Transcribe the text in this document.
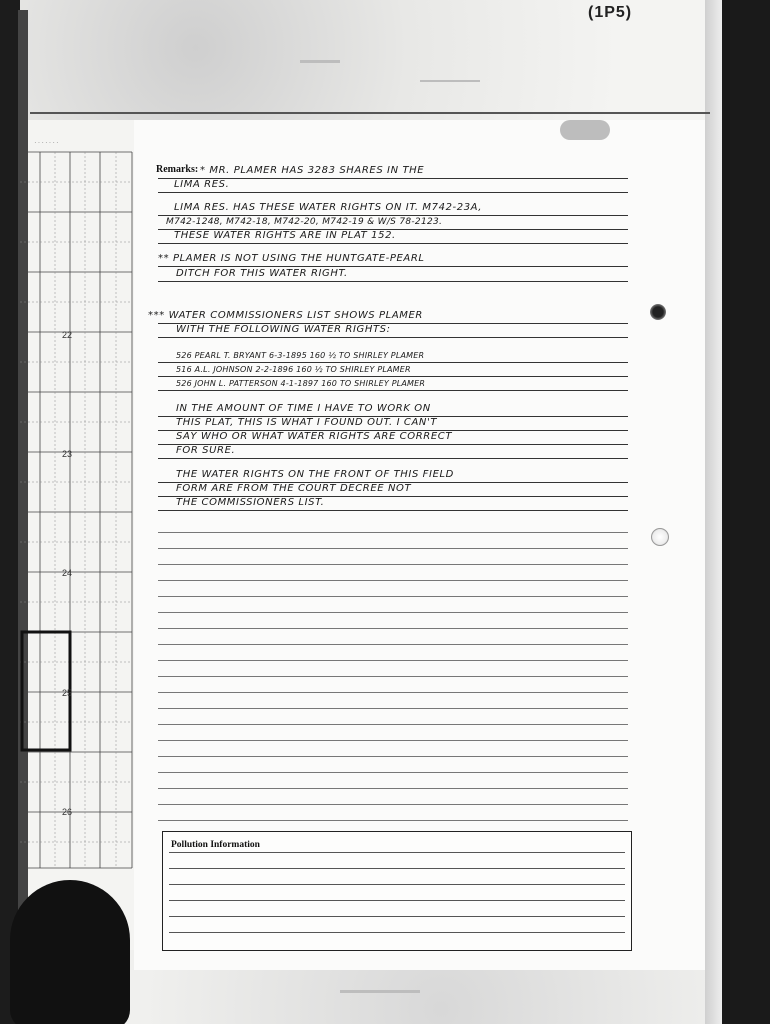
·······
(1P5)
22
23
24
25
26
Remarks: * MR. PLAMER HAS 3283 SHARES IN THE
LIMA RES.
LIMA RES. HAS THESE WATER RIGHTS ON IT. M742-23A,
M742-1248, M742-18, M742-20, M742-19 & W/S 78-2123.
THESE WATER RIGHTS ARE IN PLAT 152.
** PLAMER IS NOT USING THE HUNTGATE-PEARL
DITCH FOR THIS WATER RIGHT.
*** WATER COMMISSIONERS LIST SHOWS PLAMER
WITH THE FOLLOWING WATER RIGHTS:
526 PEARL T. BRYANT 6-3-1895 160 ½ TO SHIRLEY PLAMER
516 A.L. JOHNSON 2-2-1896 160 ½ TO SHIRLEY PLAMER
526 JOHN L. PATTERSON 4-1-1897 160 TO SHIRLEY PLAMER
IN THE AMOUNT OF TIME I HAVE TO WORK ON
THIS PLAT, THIS IS WHAT I FOUND OUT. I CAN'T
SAY WHO OR WHAT WATER RIGHTS ARE CORRECT
FOR SURE.
THE WATER RIGHTS ON THE FRONT OF THIS FIELD
FORM ARE FROM THE COURT DECREE NOT
THE COMMISSIONERS LIST.
Pollution Information
